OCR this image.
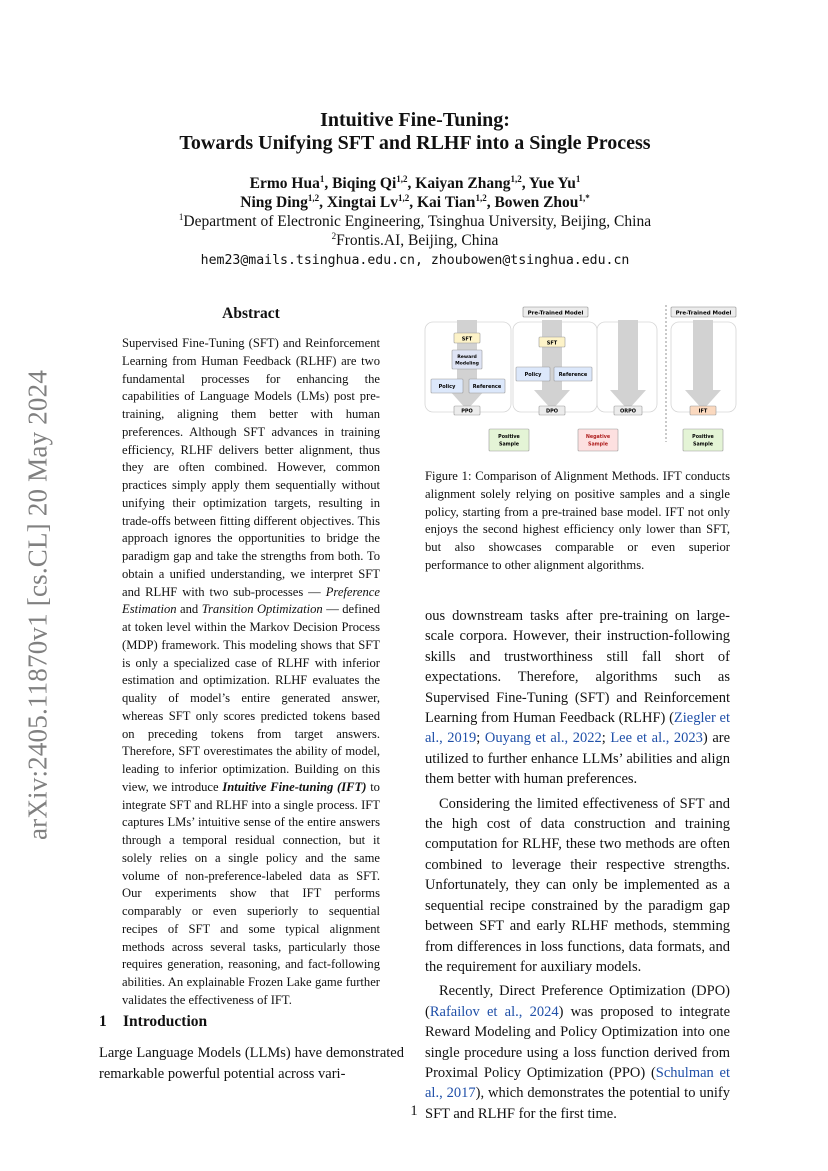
arXiv:2405.11870v1 [cs.CL] 20 May 2024
Intuitive Fine-Tuning:
Towards Unifying SFT and RLHF into a Single Process
Ermo Hua$^1$, Biqing Qi$^{1,2}$, Kaiyan Zhang$^{1,2}$, Yue Yu$^1$
Ning Ding$^{1,2}$, Xingtai Lv$^{1,2}$, Kai Tian$^{1,2}$, Bowen Zhou$^{1,*}$
$^1$Department of Electronic Engineering, Tsinghua University, Beijing, China
$^2$Frontis.AI, Beijing, China
hem23@mails.tsinghua.edu.cn, zhoubowen@tsinghua.edu.cn
Abstract
Supervised Fine-Tuning (SFT) and Reinforcement Learning from Human Feedback (RLHF) are two fundamental processes for enhancing the capabilities of Language Models (LMs) post pre-training, aligning them better with human preferences. Although SFT advances in training efficiency, RLHF delivers better alignment, thus they are often combined. However, common practices simply apply them sequentially without unifying their optimization targets, resulting in trade-offs between fitting different objectives. This approach ignores the opportunities to bridge the paradigm gap and take the strengths from both. To obtain a unified understanding, we interpret SFT and RLHF with two sub-processes — Preference Estimation and Transition Optimization — defined at token level within the Markov Decision Process (MDP) framework. This modeling shows that SFT is only a specialized case of RLHF with inferior estimation and optimization. RLHF evaluates the quality of model’s entire generated answer, whereas SFT only scores predicted tokens based on preceding tokens from target answers. Therefore, SFT overestimates the ability of model, leading to inferior optimization. Building on this view, we introduce Intuitive Fine-tuning (IFT) to integrate SFT and RLHF into a single process. IFT captures LMs’ intuitive sense of the entire answers through a temporal residual connection, but it solely relies on a single policy and the same volume of non-preference-labeled data as SFT. Our experiments show that IFT performs comparably or even superiorly to sequential recipes of SFT and some typical alignment methods across several tasks, particularly those requires generation, reasoning, and fact-following abilities. An explainable Frozen Lake game further validates the effectiveness of IFT.
1 Introduction
Large Language Models (LLMs) have demonstrated remarkable powerful potential across vari-
Pre-Trained Model	Pre-Trained Model
SFT
Reward
Modeling
Policy	Reference
PPO
SFT
Policy	Reference
DPO	ORPO	IFT
Positive
Sample
Negative
Sample
Positive
Sample
Figure 1: Comparison of Alignment Methods. IFT conducts alignment solely relying on positive samples and a single policy, starting from a pre-trained base model. IFT not only enjoys the second highest efficiency only lower than SFT, but also showcases comparable or even superior performance to other alignment algorithms.

ous downstream tasks after pre-training on large-scale corpora. However, their instruction-following skills and trustworthiness still fall short of expectations. Therefore, algorithms such as Supervised Fine-Tuning (SFT) and Reinforcement Learning from Human Feedback (RLHF) (Ziegler et al., 2019; Ouyang et al., 2022; Lee et al., 2023) are utilized to further enhance LLMs’ abilities and align them better with human preferences.

Considering the limited effectiveness of SFT and the high cost of data construction and training computation for RLHF, these two methods are often combined to leverage their respective strengths. Unfortunately, they can only be implemented as a sequential recipe constrained by the paradigm gap between SFT and early RLHF methods, stemming from differences in loss functions, data formats, and the requirement for auxiliary models.

Recently, Direct Preference Optimization (DPO) (Rafailov et al., 2024) was proposed to integrate Reward Modeling and Policy Optimization into one single procedure using a loss function derived from Proximal Policy Optimization (PPO) (Schulman et al., 2017), which demonstrates the potential to unify SFT and RLHF for the first time.

1
